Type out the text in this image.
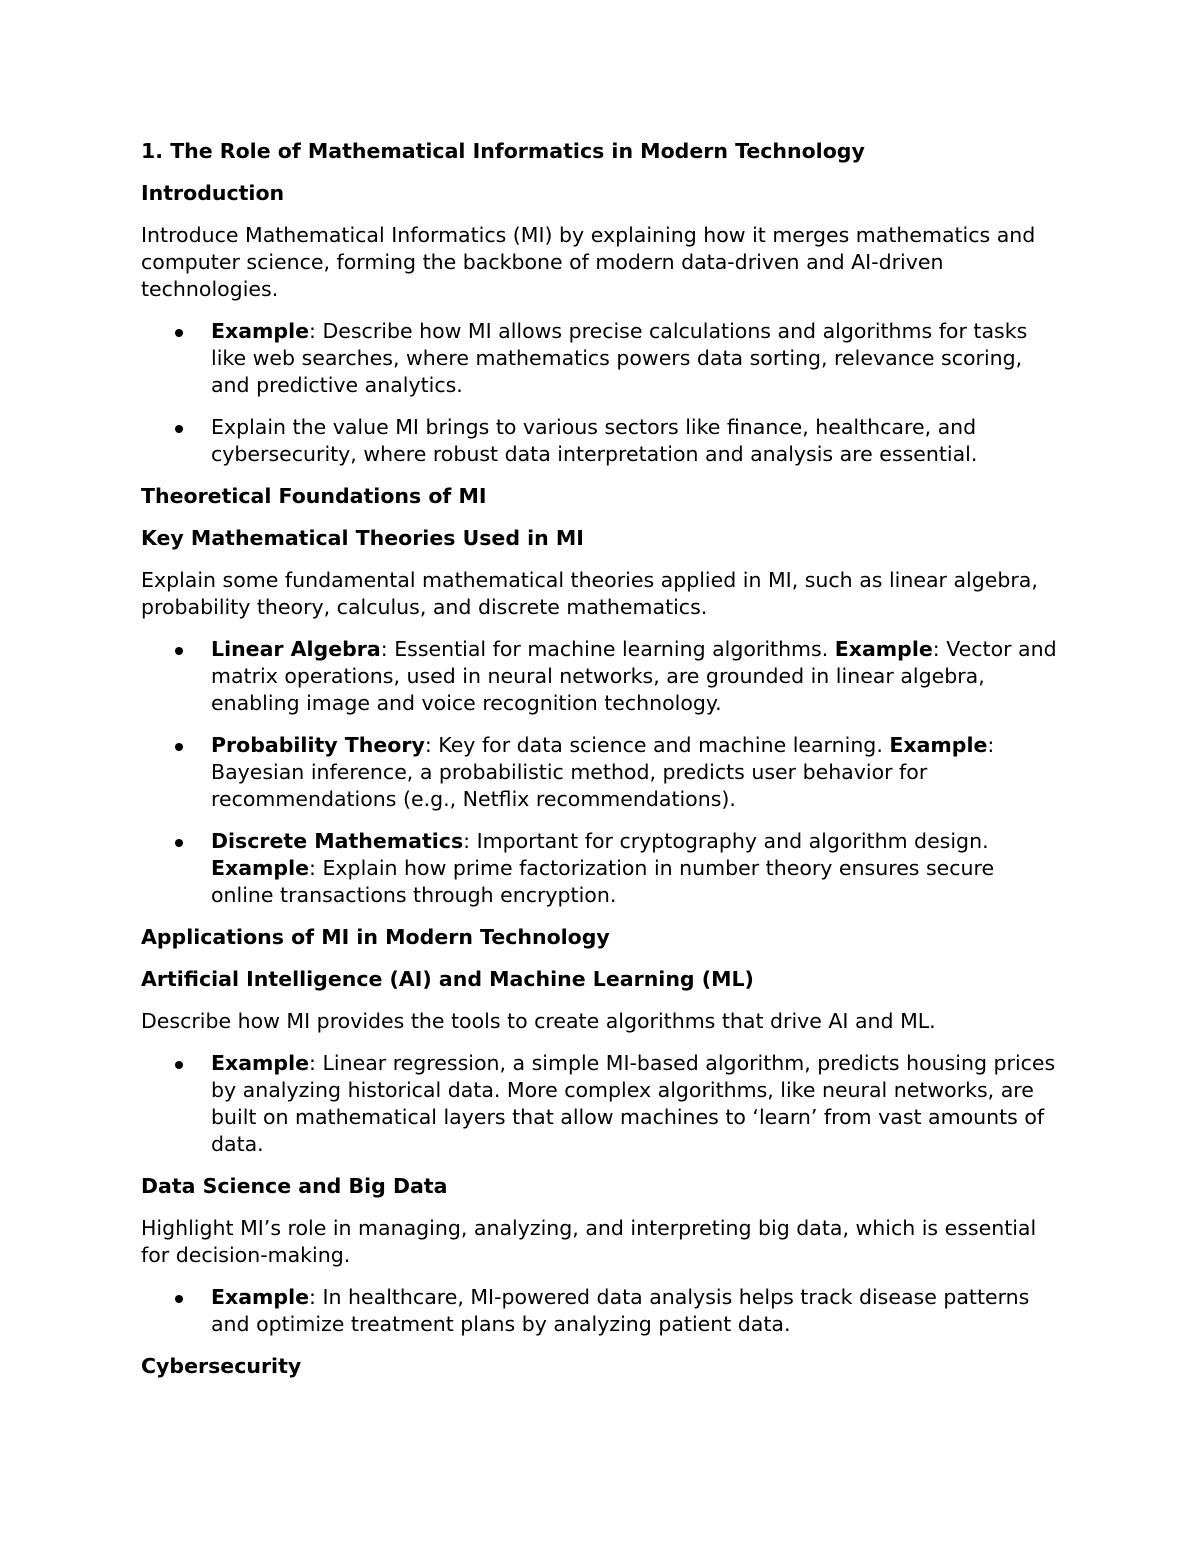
1. The Role of Mathematical Informatics in Modern Technology
Introduction

Introduce Mathematical Informatics (MI) by explaining how it merges mathematics and computer science, forming the backbone of modern data-driven and AI-driven technologies.

Example: Describe how MI allows precise calculations and algorithms for tasks like web searches, where mathematics powers data sorting, relevance scoring, and predictive analytics.
Explain the value MI brings to various sectors like finance, healthcare, and cybersecurity, where robust data interpretation and analysis are essential.
Theoretical Foundations of MI
Key Mathematical Theories Used in MI

Explain some fundamental mathematical theories applied in MI, such as linear algebra, probability theory, calculus, and discrete mathematics.

Linear Algebra: Essential for machine learning algorithms. Example: Vector and matrix operations, used in neural networks, are grounded in linear algebra, enabling image and voice recognition technology.
Probability Theory: Key for data science and machine learning. Example: Bayesian inference, a probabilistic method, predicts user behavior for recommendations (e.g., Netflix recommendations).
Discrete Mathematics: Important for cryptography and algorithm design. Example: Explain how prime factorization in number theory ensures secure online transactions through encryption.
Applications of MI in Modern Technology
Artificial Intelligence (AI) and Machine Learning (ML)

Describe how MI provides the tools to create algorithms that drive AI and ML.

Example: Linear regression, a simple MI-based algorithm, predicts housing prices by analyzing historical data. More complex algorithms, like neural networks, are built on mathematical layers that allow machines to ‘learn’ from vast amounts of data.
Data Science and Big Data

Highlight MI’s role in managing, analyzing, and interpreting big data, which is essential for decision-making.

Example: In healthcare, MI-powered data analysis helps track disease patterns and optimize treatment plans by analyzing patient data.
Cybersecurity
